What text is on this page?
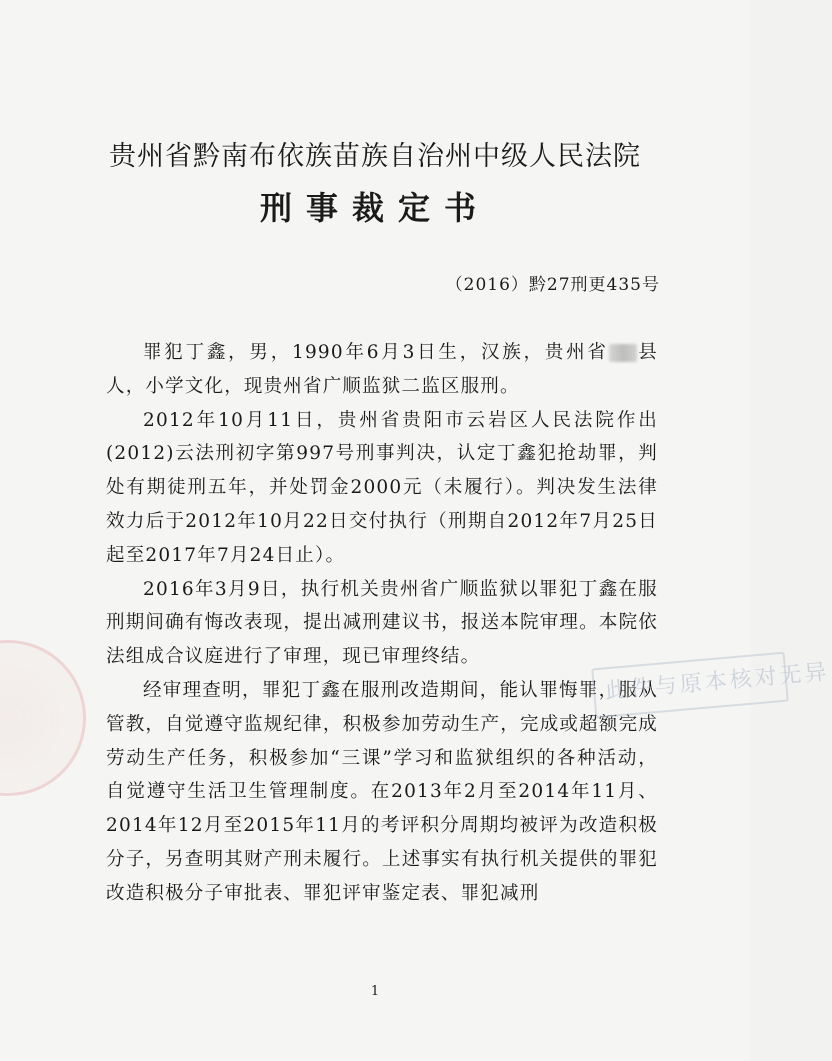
贵州省黔南布依族苗族自治州中级人民法院
刑事裁定书
（2016）黔27刑更435号

罪犯丁鑫，男，1990年6月3日生，汉族，贵州省 县人，小学文化，现贵州省广顺监狱二监区服刑。

2012年10月11日，贵州省贵阳市云岩区人民法院作出(2012)云法刑初字第997号刑事判决，认定丁鑫犯抢劫罪，判处有期徒刑五年，并处罚金2000元（未履行）。判决发生法律效力后于2012年10月22日交付执行（刑期自2012年7月25日起至2017年7月24日止）。

2016年3月9日，执行机关贵州省广顺监狱以罪犯丁鑫在服刑期间确有悔改表现，提出减刑建议书，报送本院审理。本院依法组成合议庭进行了审理，现已审理终结。

经审理查明，罪犯丁鑫在服刑改造期间，能认罪悔罪，服从管教，自觉遵守监规纪律，积极参加劳动生产，完成或超额完成劳动生产任务，积极参加“三课”学习和监狱组织的各种活动，自觉遵守生活卫生管理制度。在2013年2月至2014年11月、2014年12月至2015年11月的考评积分周期均被评为改造积极分子，另查明其财产刑未履行。上述事实有执行机关提供的罪犯改造积极分子审批表、罪犯评审鉴定表、罪犯减刑

此件与原本核对无异
1
